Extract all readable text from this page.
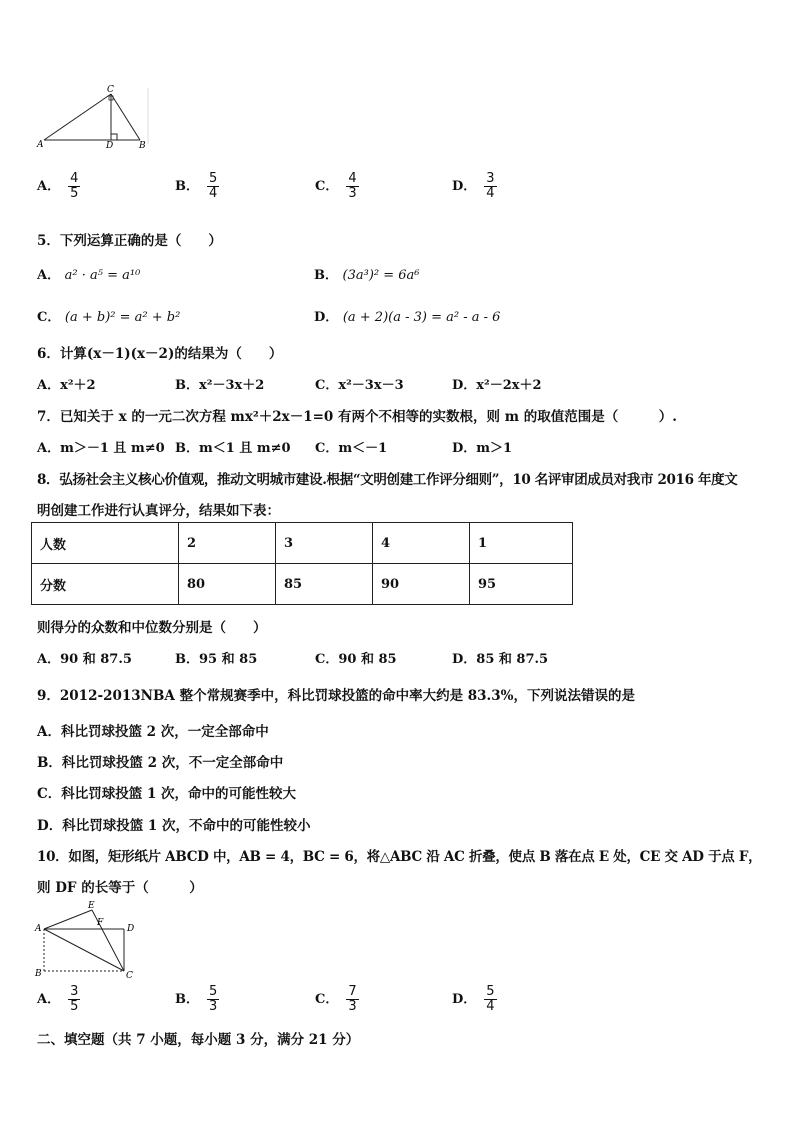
C
A	D	B
A． $\frac{4}{5}$	B． $\frac{5}{4}$	C． $\frac{4}{3}$	D． $\frac{3}{4}$
5．下列运算正确的是（　　）
A． a² · a⁵ = a¹⁰	B． (3a³)² = 6a⁶
C． (a + b)² = a² + b²	D． (a + 2)(a - 3) = a² - a - 6
6．计算(x－1)(x－2)的结果为（　　）
A．x²＋2	B．x²－3x＋2	C．x²－3x－3	D．x²－2x＋2
7．已知关于 x 的一元二次方程 mx²＋2x－1=0 有两个不相等的实数根，则 m 的取值范围是（　　　）.
A．m＞－1 且 m≠0 B．m＜1 且 m≠0 C．m＜－1	D．m＞1
8．弘扬社会主义核心价值观，推动文明城市建设.根据“文明创建工作评分细则”，10 名评审团成员对我市 2016 年度文
明创建工作进行认真评分，结果如下表：
人数	2	3	4	1
分数	80	85	90	95
则得分的众数和中位数分别是（　　）
A．90 和 87.5	B．95 和 85	C．90 和 85	D．85 和 87.5
9．2012-2013NBA 整个常规赛季中，科比罚球投篮的命中率大约是 83.3%，下列说法错误的是
A．科比罚球投篮 2 次，一定全部命中
B．科比罚球投篮 2 次，不一定全部命中
C．科比罚球投篮 1 次，命中的可能性较大
D．科比罚球投篮 1 次，不命中的可能性较小
10．如图，矩形纸片 ABCD 中，AB = 4，BC = 6，将△ABC 沿 AC 折叠，使点 B 落在点 E 处，CE 交 AD 于点 F，
则 DF 的长等于（　　　）
E
F
A	D
B	C
A． $\frac{3}{5}$	B． $\frac{5}{3}$	C． $\frac{7}{3}$	D． $\frac{5}{4}$
二、填空题（共 7 小题，每小题 3 分，满分 21 分）
